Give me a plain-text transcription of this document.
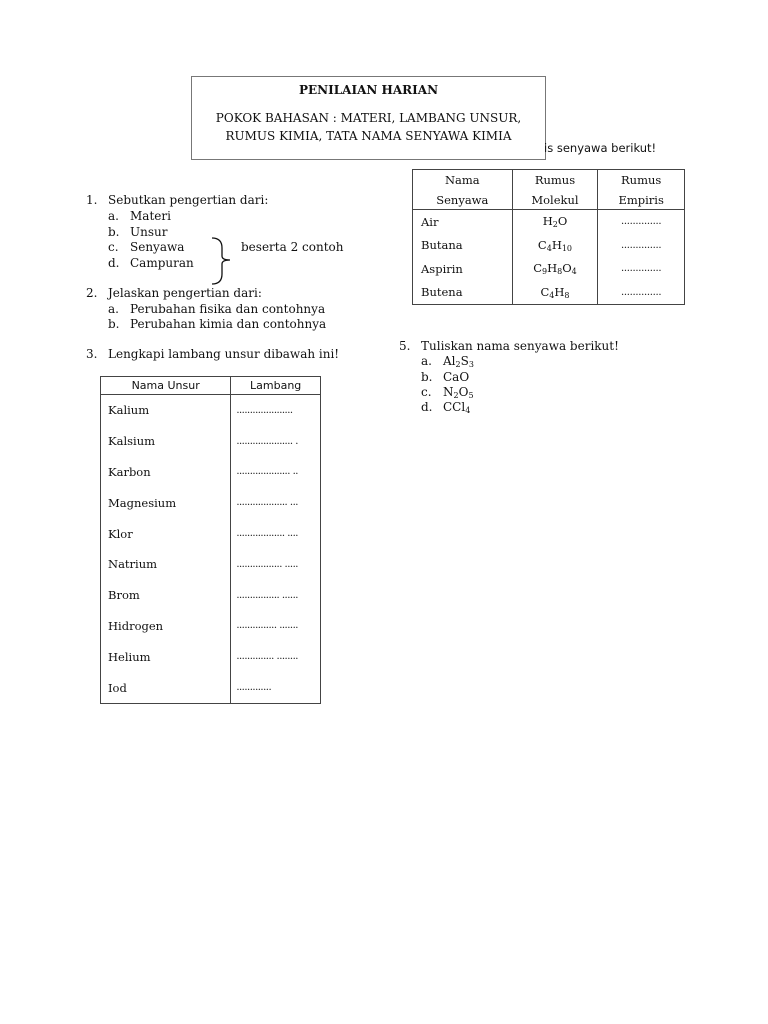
PENILAIAN HARIAN
POKOK BAHASAN : MATERI, LAMBANG UNSUR,
RUMUS KIMIA, TATA NAMA SENYAWA KIMIA
is senyawa berikut!
1. Sebutkan pengertian dari:
a. Materi
b. Unsur
c. Senyawa
d. Campuran
beserta 2 contoh
2. Jelaskan pengertian dari:
a. Perubahan fisika dan contohnya
b. Perubahan kimia dan contohnya
3. Lengkapi lambang unsur dibawah ini!
Nama Unsur	Lambang
Kalium	.....................
Kalsium	..................... .
Karbon	.................... ..
Magnesium	................... ...
Klor	.................. ....
Natrium	................. .....
Brom	................ ......
Hidrogen	............... .......
Helium	.............. ........
Iod	.............
Nama	Rumus	Rumus
Senyawa	Molekul	Empiris
Air	$H_2O$	..............
Butana	$C_4H_{10}$	..............
Aspirin	$C_9H_8O_4$	..............
Butena	$C_4H_8$	..............
5. Tuliskan nama senyawa berikut!
a. $Al_2S_3$
b. CaO
c. $N_2O_5$
d. CCl$_4$
